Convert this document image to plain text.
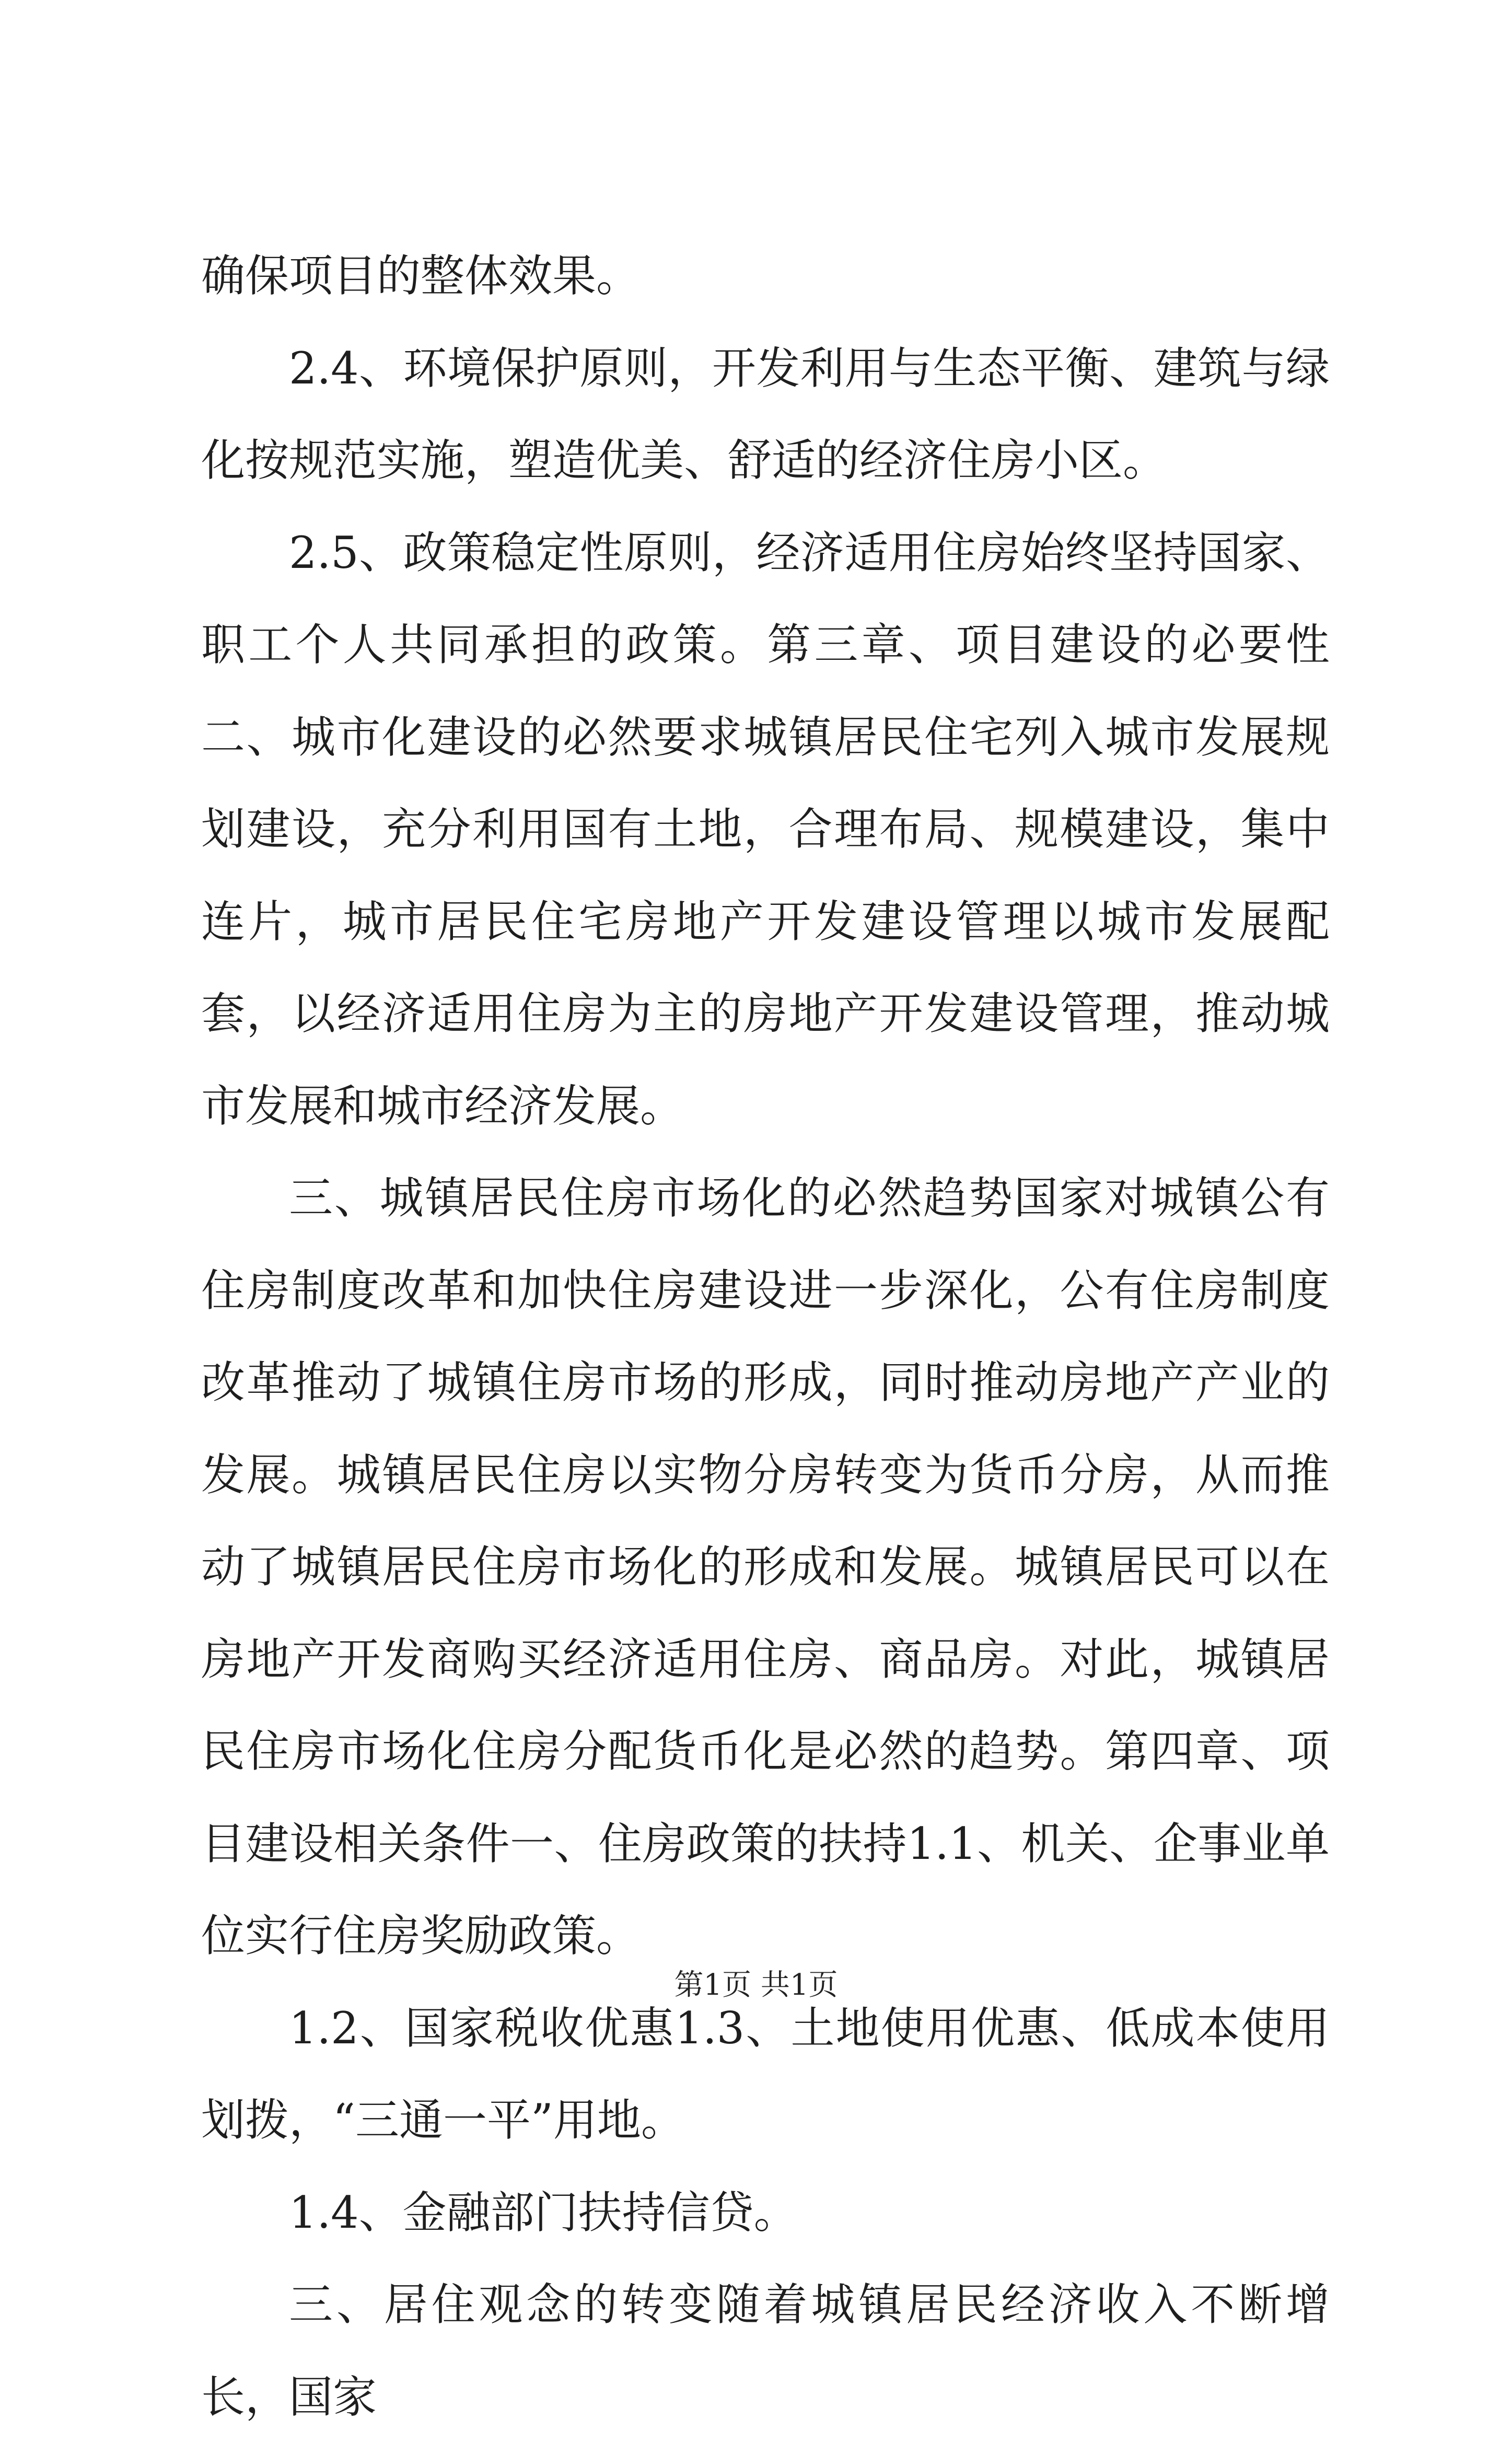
确保项目的整体效果。

2.4、环境保护原则，开发利用与生态平衡、建筑与绿化按规范实施，塑造优美、舒适的经济住房小区。

2.5、政策稳定性原则，经济适用住房始终坚持国家、职工个人共同承担的政策。第三章、项目建设的必要性二、城市化建设的必然要求城镇居民住宅列入城市发展规划建设，充分利用国有土地，合理布局、规模建设，集中连片，城市居民住宅房地产开发建设管理以城市发展配套，以经济适用住房为主的房地产开发建设管理，推动城市发展和城市经济发展。

三、城镇居民住房市场化的必然趋势国家对城镇公有住房制度改革和加快住房建设进一步深化，公有住房制度改革推动了城镇住房市场的形成，同时推动房地产产业的发展。城镇居民住房以实物分房转变为货币分房，从而推动了城镇居民住房市场化的形成和发展。城镇居民可以在房地产开发商购买经济适用住房、商品房。对此，城镇居民住房市场化住房分配货币化是必然的趋势。第四章、项目建设相关条件一、住房政策的扶持1.1、机关、企事业单位实行住房奖励政策。

1.2、国家税收优惠1.3、土地使用优惠、低成本使用划拨，“三通一平”用地。

1.4、金融部门扶持信贷。

三、居住观念的转变随着城镇居民经济收入不断增长，国家

第1页 共1页
